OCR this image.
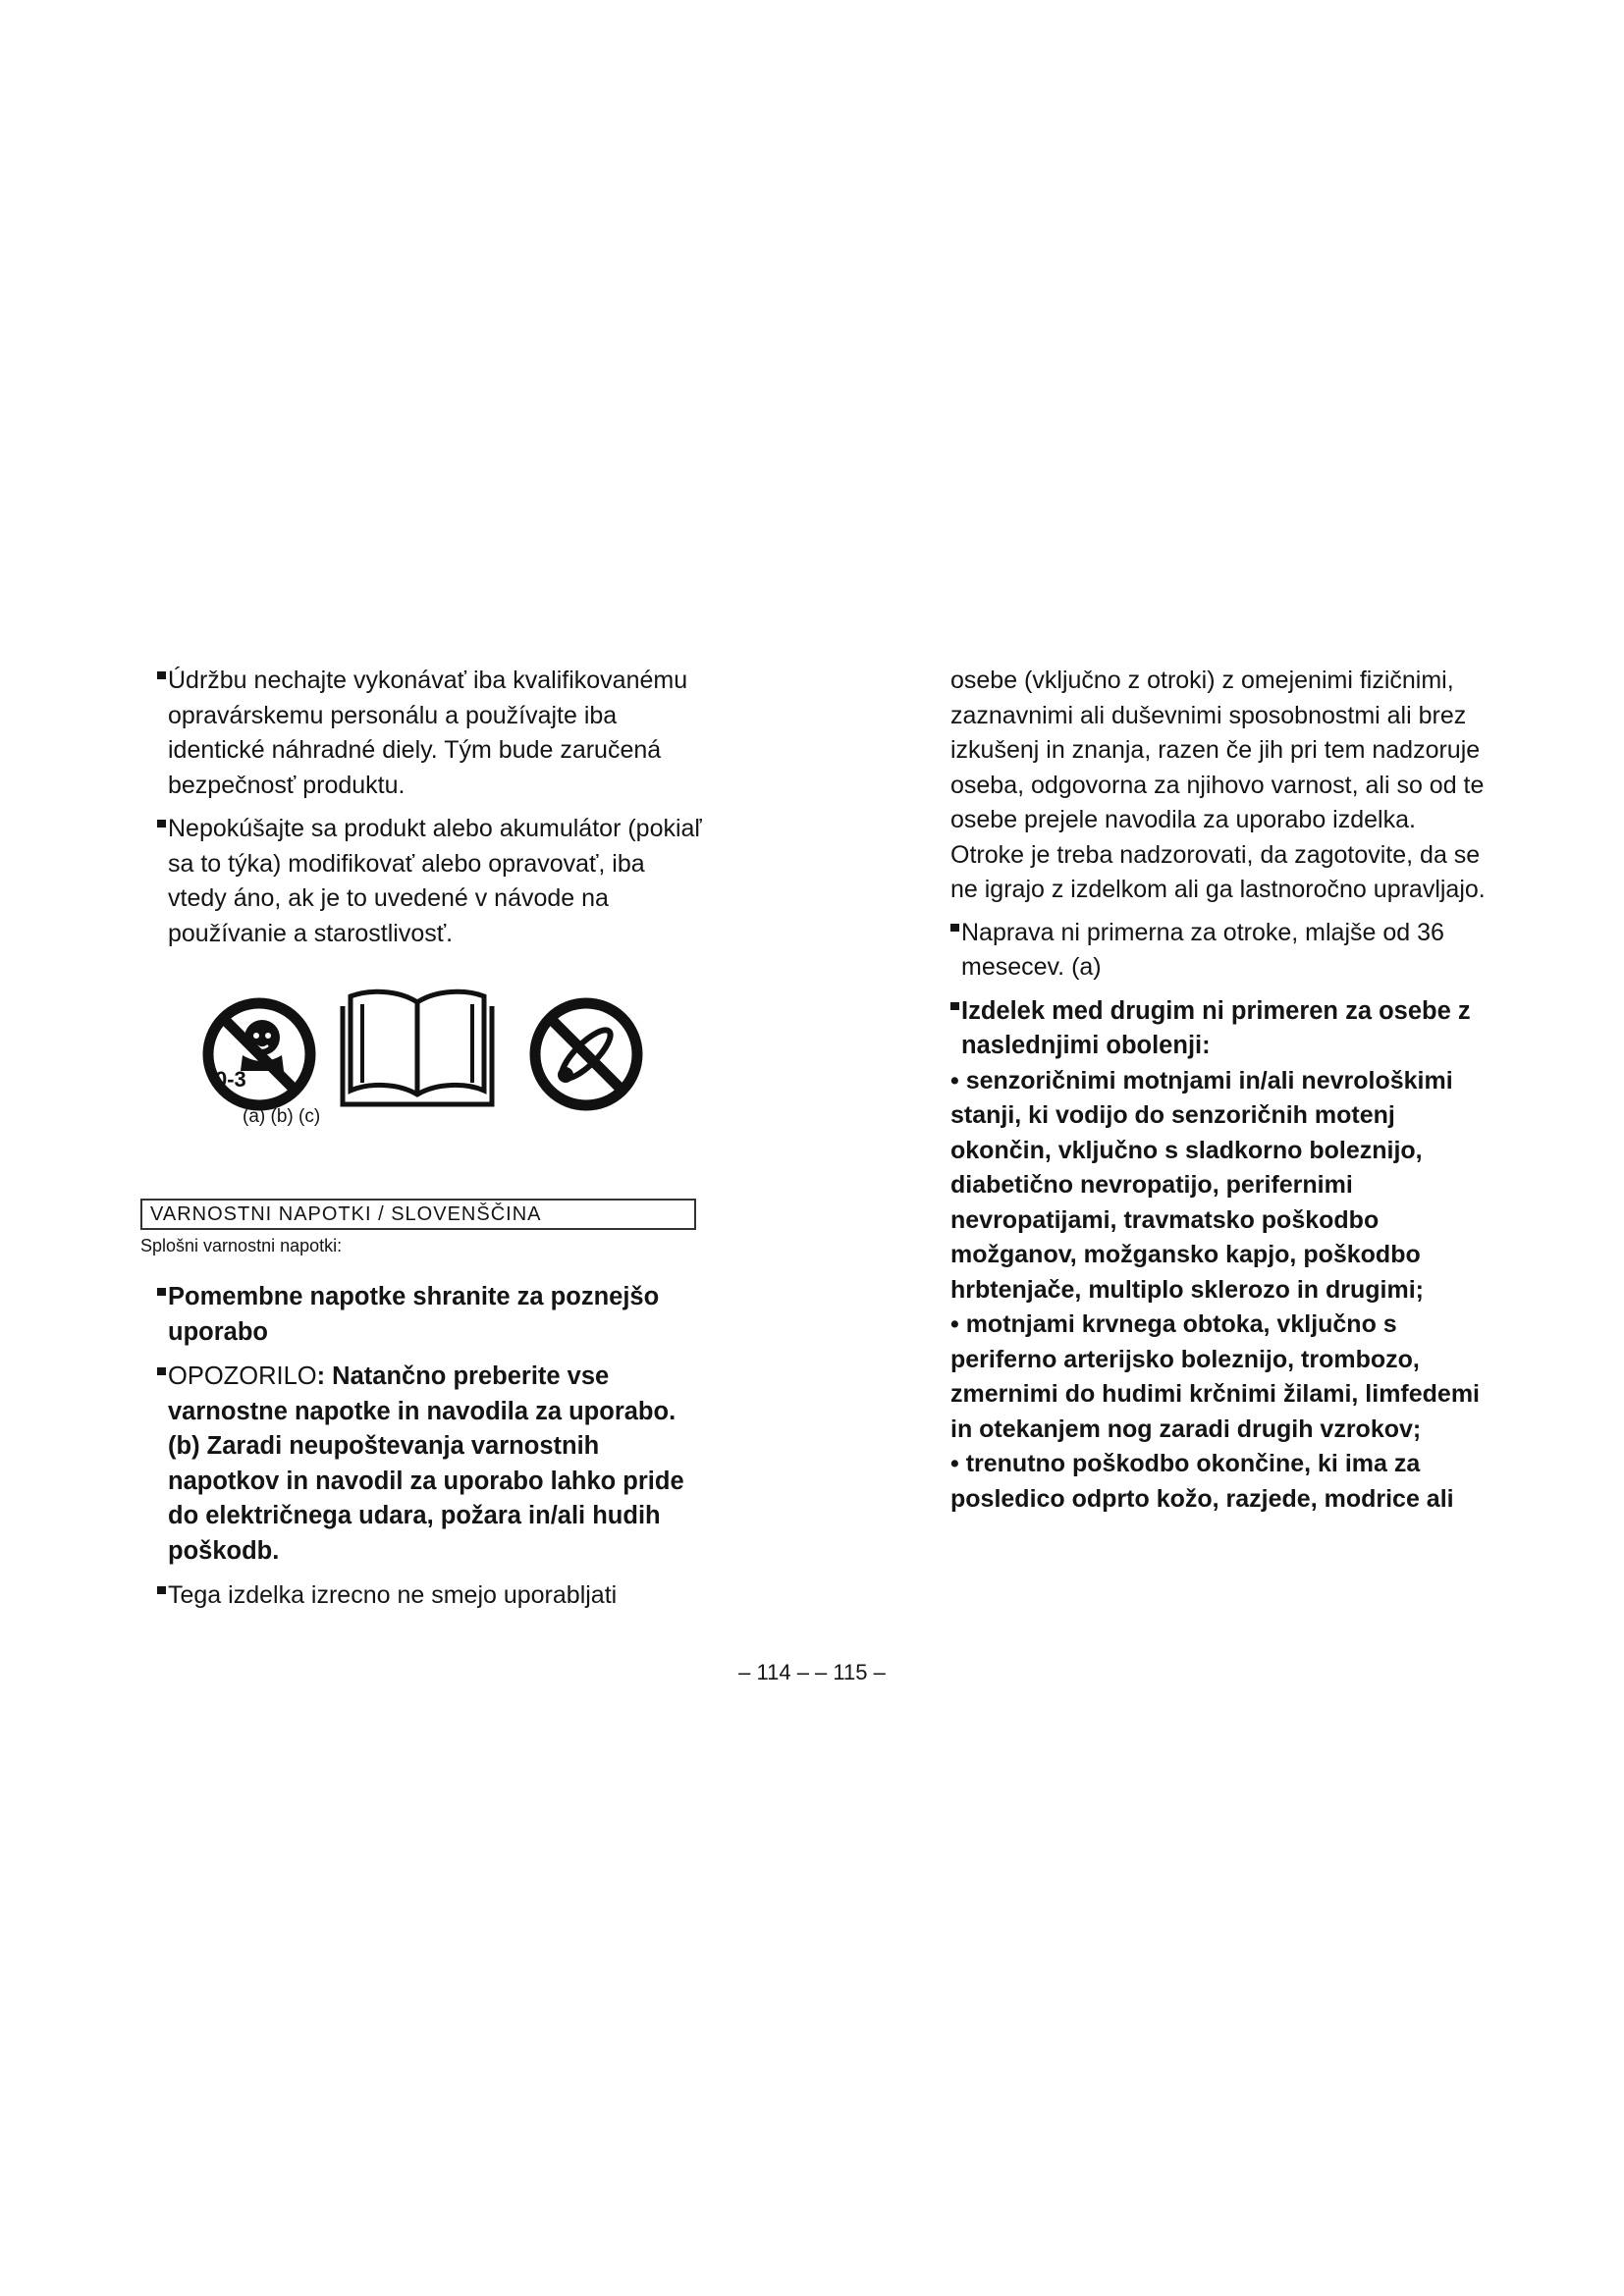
Údržbu nechajte vykonávať iba kvalifikovanému opravárskemu personálu a používajte iba identické náhradné diely. Tým bude zaručená bezpečnosť produktu.
Nepokúšajte sa produkt alebo akumulátor (pokiaľ sa to týka) modifikovať alebo opravovať, iba vtedy áno, ak je to uvedené v návode na používanie a starostlivosť.
0-3
(a) (b) (c)
VARNOSTNI NAPOTKI / SLOVENŠČINA
Splošni varnostni napotki:
Pomembne napotke shranite za poznejšo uporabo
OPOZORILO: Natančno preberite vse varnostne napotke in navodila za uporabo. (b) Zaradi neupoštevanja varnostnih napotkov in navodil za uporabo lahko pride do električnega udara, požara in/ali hudih poškodb.
Tega izdelka izrecno ne smejo uporabljati

osebe (vključno z otroki) z omejenimi fizičnimi, zaznavnimi ali duševnimi sposobnostmi ali brez izkušenj in znanja, razen če jih pri tem nadzoruje oseba, odgovorna za njihovo varnost, ali so od te osebe prejele navodila za uporabo izdelka.

Otroke je treba nadzorovati, da zagotovite, da se ne igrajo z izdelkom ali ga lastnoročno upravljajo.

Naprava ni primerna za otroke, mlajše od 36 mesecev. (a)
Izdelek med drugim ni primeren za osebe z naslednjimi obolenji:

• senzoričnimi motnjami in/ali nevrološkimi stanji, ki vodijo do senzoričnih motenj okončin, vključno s sladkorno boleznijo, diabetično nevropatijo, perifernimi nevropatijami, travmatsko poškodbo možganov, možgansko kapjo, poškodbo hrbtenjače, multiplo sklerozo in drugimi;

• motnjami krvnega obtoka, vključno s periferno arterijsko boleznijo, trombozo, zmernimi do hudimi krčnimi žilami, limfedemi in otekanjem nog zaradi drugih vzrokov;

• trenutno poškodbo okončine, ki ima za posledico odprto kožo, razjede, modrice ali

– 114 – – 115 –
